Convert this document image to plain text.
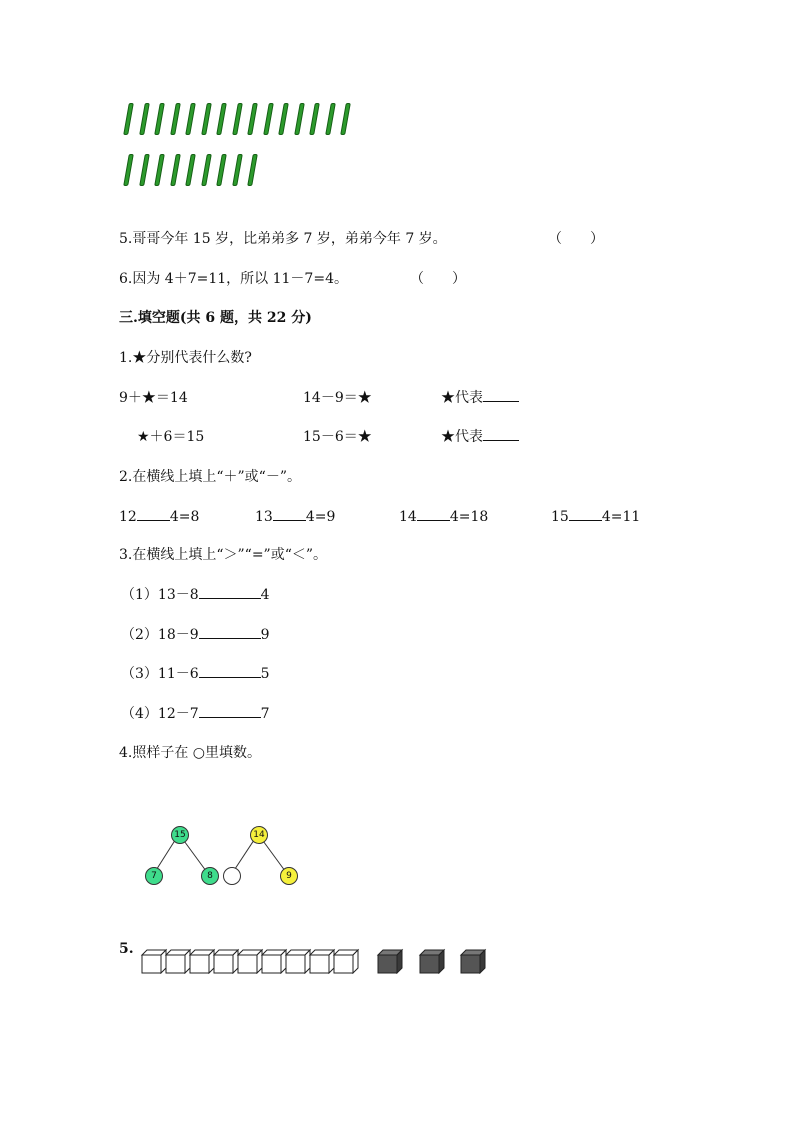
5.哥哥今年 15 岁，比弟弟多 7 岁，弟弟今年 7 岁。	（　　）
6.因为 4＋7=11，所以 11－7=4。	（　　）
三.填空题(共 6 题，共 22 分)
1.★分别代表什么数?
9＋★＝14	14－9＝★	★代表
★＋6＝15	15－6＝★	★代表
2.在横线上填上“＋”或“－”。
12 4=8	13 4=9	14 4=18	15 4=11
3.在横线上填上“＞”“=”或“＜”。
（1）13－8	4
（2）18－9	9
（3）11－6	5
（4）12－7	7
4.照样子在 ○里填数。
15
7	8
14
9
5.
